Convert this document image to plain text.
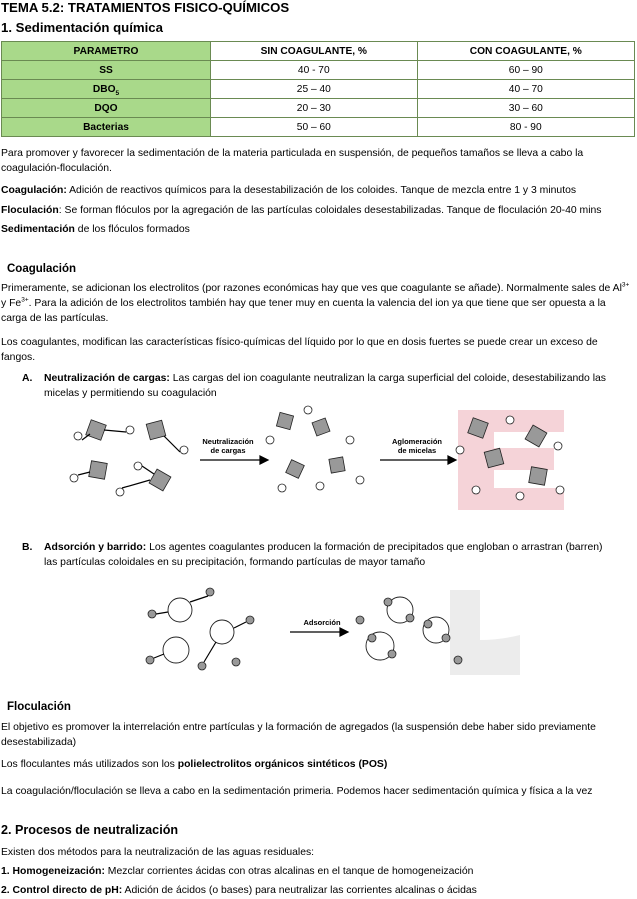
TEMA 5.2: TRATAMIENTOS FISICO-QUÍMICOS
1. Sedimentación química
PARAMETRO	SIN COAGULANTE, %	CON COAGULANTE, %
SS	40 - 70	60 – 90
$DBO_5$	25 – 40	40 – 70
DQO	20 – 30	30 – 60
Bacterias	50 – 60	80 - 90
Para promover y favorecer la sedimentación de la materia particulada en suspensión, de pequeños tamaños se lleva a cabo la coagulación-floculación.
Coagulación: Adición de reactivos químicos para la desestabilización de los coloides. Tanque de mezcla entre 1 y 3 minutos
Floculación: Se forman flóculos por la agregación de las partículas coloidales desestabilizadas. Tanque de floculación 20-40 mins
Sedimentación de los flóculos formados
Coagulación
Primeramente, se adicionan los electrolitos (por razones económicas hay que ves que coagulante se añade). Normalmente sales de $Al^{3+}$ y $Fe^{3+}$. Para la adición de los electrolitos también hay que tener muy en cuenta la valencia del ion ya que tiene que ser opuesta a la carga de las partículas.
Los coagulantes, modifican las características físico-químicas del líquido por lo que en dosis fuertes se puede crear un exceso de fangos.
A. Neutralización de cargas: Las cargas del ion coagulante neutralizan la carga superficial del coloide, desestabilizando las micelas y permitiendo su coagulación
Neutralización
de cargas
Aglomeración
de micelas
B. Adsorción y barrido: Los agentes coagulantes producen la formación de precipitados que engloban o arrastran (barren) las partículas coloidales en su precipitación, formando partículas de mayor tamaño
Adsorción
Floculación
El objetivo es promover la interrelación entre partículas y la formación de agregados (la suspensión debe haber sido previamente desestabilizada)
Los floculantes más utilizados son los polielectrolitos orgánicos sintéticos (POS)
La coagulación/floculación se lleva a cabo en la sedimentación primeria. Podemos hacer sedimentación química y física a la vez
2. Procesos de neutralización
Existen dos métodos para la neutralización de las aguas residuales:
1. Homogeneización: Mezclar corrientes ácidas con otras alcalinas en el tanque de homogeneización
2. Control directo de pH: Adición de ácidos (o bases) para neutralizar las corrientes alcalinas o ácidas
